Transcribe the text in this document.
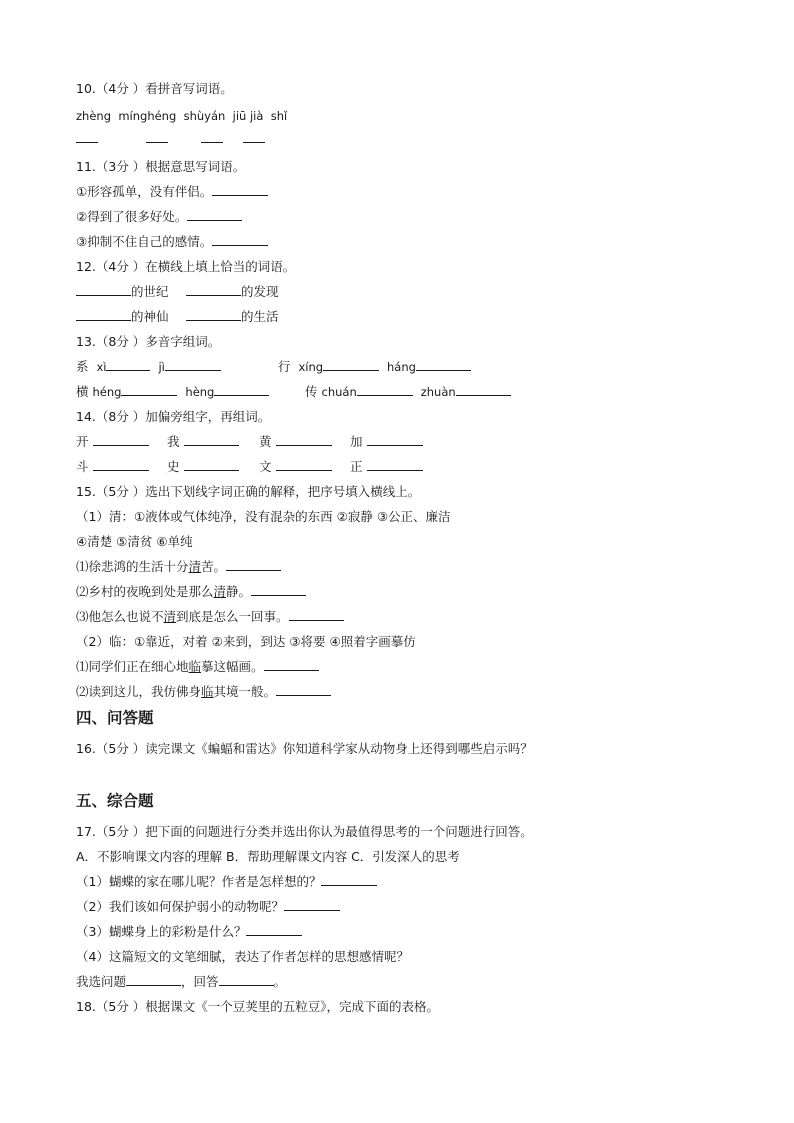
10.（4分 ）看拼音写词语。
zhèng mínghéng shùyán jiū jià shǐ
11.（3分 ）根据意思写词语。
①形容孤单，没有伴侣。
②得到了很多好处。
③抑制不住自己的感情。
12.（4分 ）在横线上填上恰当的词语。
的世纪	的发现
的神仙	的生活
13.（8分 ）多音字组词。
系 xì	jì	行 xíng	háng
横 héng	hèng	传 chuán	zhuàn
14.（8分 ）加偏旁组字，再组词。
开	我	黄	加
斗	史	文	正
15.（5分 ）选出下划线字词正确的解释，把序号填入横线上。
（1）清：①液体或气体纯净，没有混杂的东西 ②寂静 ③公正、廉洁
④清楚 ⑤清贫 ⑥单纯
⑴徐悲鸿的生活十分清苦。
⑵乡村的夜晚到处是那么清静。
⑶他怎么也说不清到底是怎么一回事。
（2）临：①靠近，对着 ②来到，到达 ③将要 ④照着字画摹仿
⑴同学们正在细心地临摹这幅画。
⑵读到这儿，我仿佛身临其境一般。
四、问答题
16.（5分 ）读完课文《蝙蝠和雷达》你知道科学家从动物身上还得到哪些启示吗？
五、综合题
17.（5分 ）把下面的问题进行分类并选出你认为最值得思考的一个问题进行回答。
A．不影响课文内容的理解 B．帮助理解课文内容 C．引发深人的思考
（1）蝴蝶的家在哪儿呢？作者是怎样想的？
（2）我们该如何保护弱小的动物呢？
（3）蝴蝶身上的彩粉是什么？
（4）这篇短文的文笔细腻，表达了作者怎样的思想感情呢？
我选问题	，回答	。
18.（5分 ）根据课文《一个豆荚里的五粒豆》，完成下面的表格。
